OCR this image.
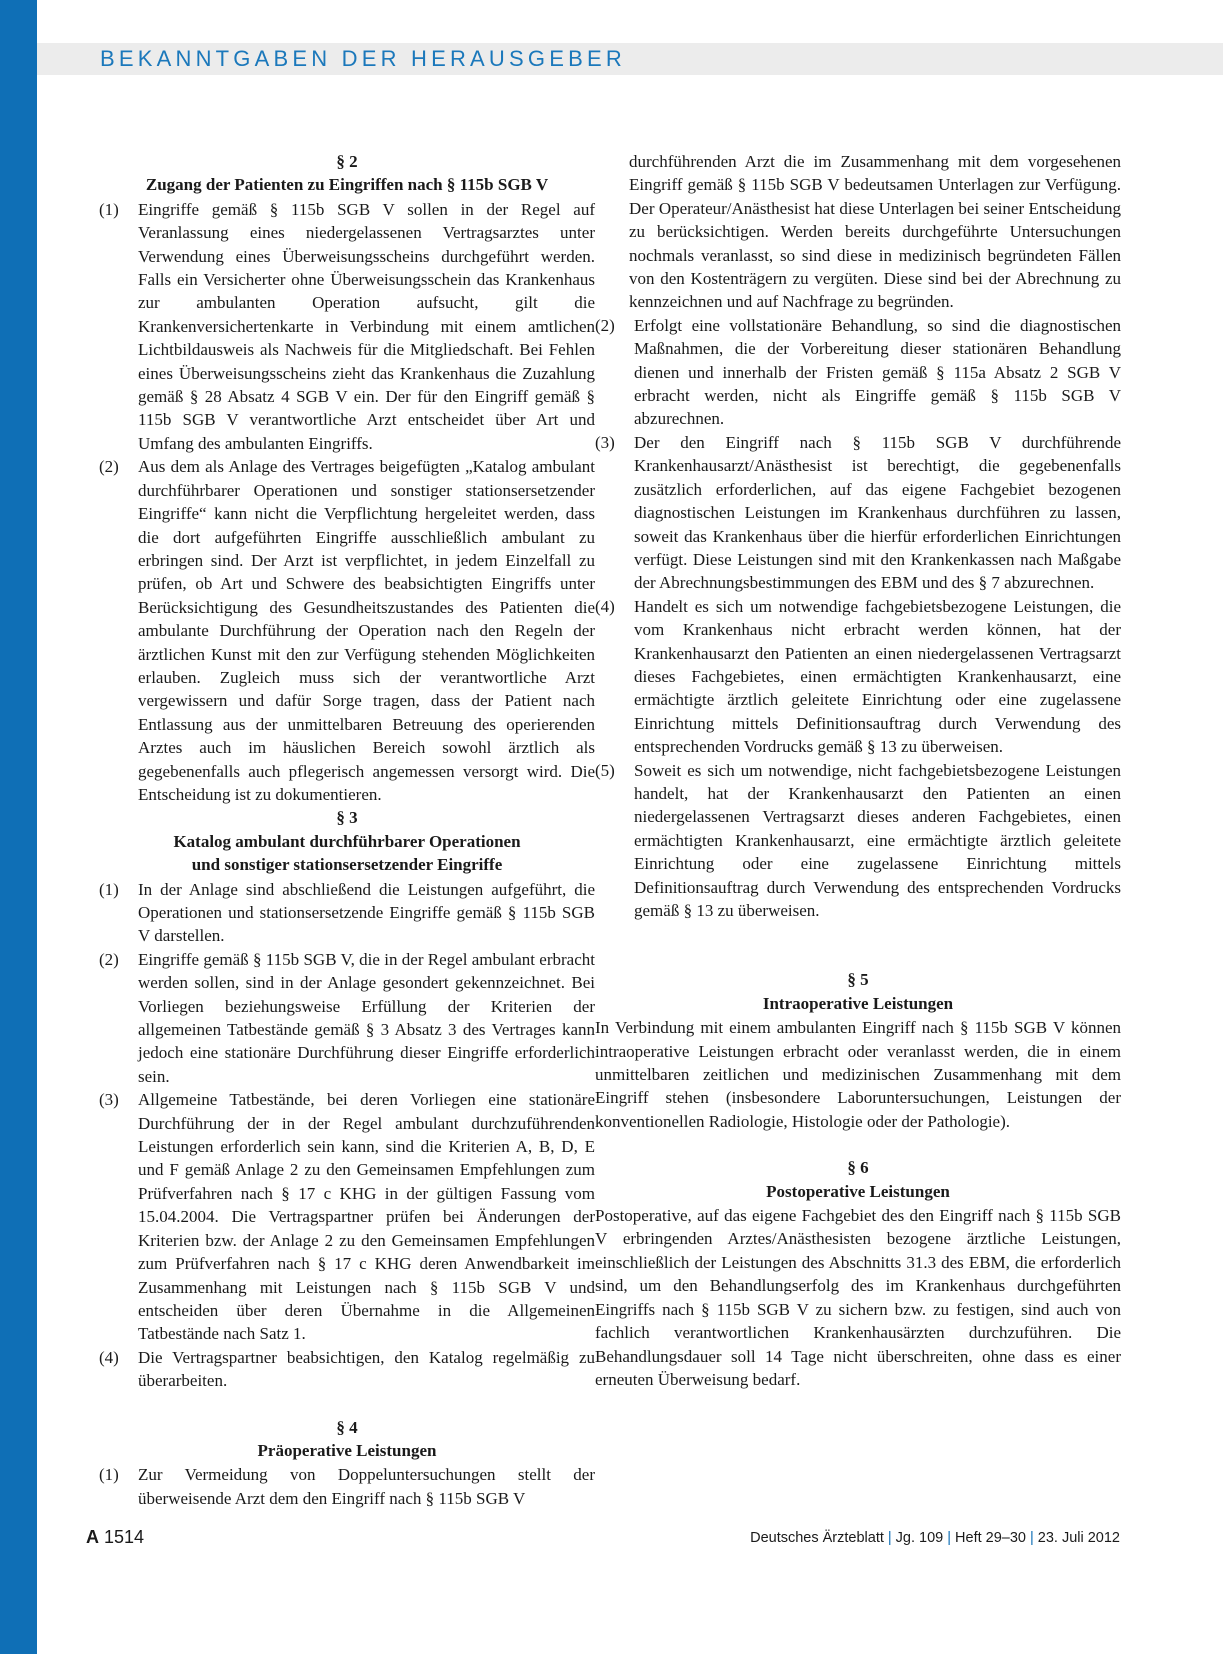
BEKANNTGABEN DER HERAUSGEBER
§ 2
Zugang der Patienten zu Eingriffen nach § 115b SGB V
(1) Eingriffe gemäß § 115b SGB V sollen in der Regel auf Veranlassung eines niedergelassenen Vertragsarztes unter Verwendung eines Überweisungsscheins durchgeführt werden. Falls ein Versicherter ohne Überweisungsschein das Krankenhaus zur ambulanten Operation aufsucht, gilt die Krankenversichertenkarte in Verbindung mit einem amtlichen Lichtbildausweis als Nachweis für die Mitgliedschaft. Bei Fehlen eines Überweisungsscheins zieht das Krankenhaus die Zuzahlung gemäß § 28 Absatz 4 SGB V ein. Der für den Eingriff gemäß § 115b SGB V verantwortliche Arzt entscheidet über Art und Umfang des ambulanten Eingriffs.
(2) Aus dem als Anlage des Vertrages beigefügten „Katalog ambulant durchführbarer Operationen und sonstiger stationsersetzender Eingriffe“ kann nicht die Verpflichtung hergeleitet werden, dass die dort aufgeführten Eingriffe ausschließlich ambulant zu erbringen sind. Der Arzt ist verpflichtet, in jedem Einzelfall zu prüfen, ob Art und Schwere des beabsichtigten Eingriffs unter Berücksichtigung des Gesundheitszustandes des Patienten die ambulante Durchführung der Operation nach den Regeln der ärztlichen Kunst mit den zur Verfügung stehenden Möglichkeiten erlauben. Zugleich muss sich der verantwortliche Arzt vergewissern und dafür Sorge tragen, dass der Patient nach Entlassung aus der unmittelbaren Betreuung des operierenden Arztes auch im häuslichen Bereich sowohl ärztlich als gegebenenfalls auch pflegerisch angemessen versorgt wird. Die Entscheidung ist zu dokumentieren.
§ 3
Katalog ambulant durchführbarer Operationen
und sonstiger stationsersetzender Eingriffe
(1) In der Anlage sind abschließend die Leistungen aufgeführt, die Operationen und stationsersetzende Eingriffe gemäß § 115b SGB V darstellen.
(2) Eingriffe gemäß § 115b SGB V, die in der Regel ambulant erbracht werden sollen, sind in der Anlage gesondert gekennzeichnet. Bei Vorliegen beziehungsweise Erfüllung der Kriterien der allgemeinen Tatbestände gemäß § 3 Absatz 3 des Vertrages kann jedoch eine stationäre Durchführung dieser Eingriffe erforderlich sein.
(3) Allgemeine Tatbestände, bei deren Vorliegen eine stationäre Durchführung der in der Regel ambulant durchzuführenden Leistungen erforderlich sein kann, sind die Kriterien A, B, D, E und F gemäß Anlage 2 zu den Gemeinsamen Empfehlungen zum Prüfverfahren nach § 17 c KHG in der gültigen Fassung vom 15.04.2004. Die Vertragspartner prüfen bei Änderungen der Kriterien bzw. der Anlage 2 zu den Gemeinsamen Empfehlungen zum Prüfverfahren nach § 17 c KHG deren Anwendbarkeit im Zusammenhang mit Leistungen nach § 115b SGB V und entscheiden über deren Übernahme in die Allgemeinen Tatbestände nach Satz 1.
(4) Die Vertragspartner beabsichtigen, den Katalog regelmäßig zu überarbeiten.
§ 4
Präoperative Leistungen
(1) Zur Vermeidung von Doppeluntersuchungen stellt der überweisende Arzt dem den Eingriff nach § 115b SGB V

durchführenden Arzt die im Zusammenhang mit dem vorgesehenen Eingriff gemäß § 115b SGB V bedeutsamen Unterlagen zur Verfügung. Der Operateur/Anästhesist hat diese Unterlagen bei seiner Entscheidung zu berücksichtigen. Werden bereits durchgeführte Untersuchungen nochmals veranlasst, so sind diese in medizinisch begründeten Fällen von den Kostenträgern zu vergüten. Diese sind bei der Abrechnung zu kennzeichnen und auf Nachfrage zu begründen.

(2) Erfolgt eine vollstationäre Behandlung, so sind die diagnostischen Maßnahmen, die der Vorbereitung dieser stationären Behandlung dienen und innerhalb der Fristen gemäß § 115a Absatz 2 SGB V erbracht werden, nicht als Eingriffe gemäß § 115b SGB V abzurechnen.
(3) Der den Eingriff nach § 115b SGB V durchführende Krankenhausarzt/Anästhesist ist berechtigt, die gegebenenfalls zusätzlich erforderlichen, auf das eigene Fachgebiet bezogenen diagnostischen Leistungen im Krankenhaus durchführen zu lassen, soweit das Krankenhaus über die hierfür erforderlichen Einrichtungen verfügt. Diese Leistungen sind mit den Krankenkassen nach Maßgabe der Abrechnungsbestimmungen des EBM und des § 7 abzurechnen.
(4) Handelt es sich um notwendige fachgebietsbezogene Leistungen, die vom Krankenhaus nicht erbracht werden können, hat der Krankenhausarzt den Patienten an einen niedergelassenen Vertragsarzt dieses Fachgebietes, einen ermächtigten Krankenhausarzt, eine ermächtigte ärztlich geleitete Einrichtung oder eine zugelassene Einrichtung mittels Definitionsauftrag durch Verwendung des entsprechenden Vordrucks gemäß § 13 zu überweisen.
(5) Soweit es sich um notwendige, nicht fachgebietsbezogene Leistungen handelt, hat der Krankenhausarzt den Patienten an einen niedergelassenen Vertragsarzt dieses anderen Fachgebietes, einen ermächtigten Krankenhausarzt, eine ermächtigte ärztlich geleitete Einrichtung oder eine zugelassene Einrichtung mittels Definitionsauftrag durch Verwendung des entsprechenden Vordrucks gemäß § 13 zu überweisen.
§ 5
Intraoperative Leistungen

In Verbindung mit einem ambulanten Eingriff nach § 115b SGB V können intraoperative Leistungen erbracht oder veranlasst werden, die in einem unmittelbaren zeitlichen und medizinischen Zusammenhang mit dem Eingriff stehen (insbesondere Laboruntersuchungen, Leistungen der konventionellen Radiologie, Histologie oder der Pathologie).

§ 6
Postoperative Leistungen

Postoperative, auf das eigene Fachgebiet des den Eingriff nach § 115b SGB V erbringenden Arztes/Anästhesisten bezogene ärztliche Leistungen, einschließlich der Leistungen des Abschnitts 31.3 des EBM, die erforderlich sind, um den Behandlungserfolg des im Krankenhaus durchgeführten Eingriffs nach § 115b SGB V zu sichern bzw. zu festigen, sind auch von fachlich verantwortlichen Krankenhausärzten durchzuführen. Die Behandlungsdauer soll 14 Tage nicht überschreiten, ohne dass es einer erneuten Überweisung bedarf.

A 1514	Deutsches Ärzteblatt | Jg. 109 | Heft 29–30 | 23. Juli 2012
